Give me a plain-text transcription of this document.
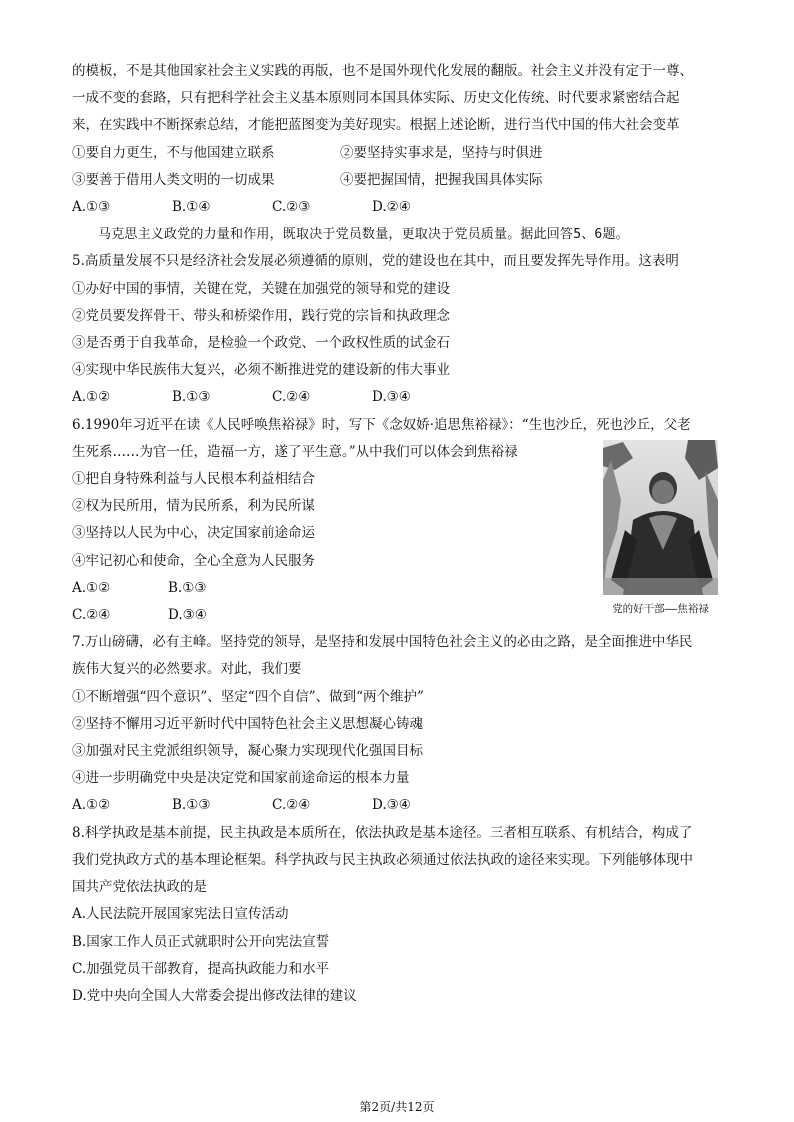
的模板，不是其他国家社会主义实践的再版，也不是国外现代化发展的翻版。社会主义并没有定于一尊、
一成不变的套路，只有把科学社会主义基本原则同本国具体实际、历史文化传统、时代要求紧密结合起
来，在实践中不断探索总结，才能把蓝图变为美好现实。根据上述论断，进行当代中国的伟大社会变革
①要自力更生，不与他国建立联系	②要坚持实事求是，坚持与时俱进
③要善于借用人类文明的一切成果	④要把握国情，把握我国具体实际
A.①③	B.①④	C.②③	D.②④
马克思主义政党的力量和作用，既取决于党员数量，更取决于党员质量。据此回答5、6题。
5.高质量发展不只是经济社会发展必须遵循的原则，党的建设也在其中，而且要发挥先导作用。这表明
①办好中国的事情，关键在党，关键在加强党的领导和党的建设
②党员要发挥骨干、带头和桥梁作用，践行党的宗旨和执政理念
③是否勇于自我革命，是检验一个政党、一个政权性质的试金石
④实现中华民族伟大复兴，必须不断推进党的建设新的伟大事业
A.①②	B.①③	C.②④	D.③④
6.1990年习近平在读《人民呼唤焦裕禄》时，写下《念奴娇·追思焦裕禄》：“生也沙丘，死也沙丘，父老
生死系……为官一任，造福一方，遂了平生意。”从中我们可以体会到焦裕禄
①把自身特殊利益与人民根本利益相结合
②权为民所用，情为民所系，利为民所谋
③坚持以人民为中心，决定国家前途命运
④牢记初心和使命，全心全意为人民服务
A.①②	B.①③
C.②④	D.③④
7.万山磅礴，必有主峰。坚持党的领导，是坚持和发展中国特色社会主义的必由之路，是全面推进中华民
族伟大复兴的必然要求。对此，我们要
①不断增强“四个意识”、坚定“四个自信”、做到“两个维护”
②坚持不懈用习近平新时代中国特色社会主义思想凝心铸魂
③加强对民主党派组织领导，凝心聚力实现现代化强国目标
④进一步明确党中央是决定党和国家前途命运的根本力量
A.①②	B.①③	C.②④	D.③④
8.科学执政是基本前提，民主执政是本质所在，依法执政是基本途径。三者相互联系、有机结合，构成了
我们党执政方式的基本理论框架。科学执政与民主执政必须通过依法执政的途径来实现。下列能够体现中
国共产党依法执政的是
A.人民法院开展国家宪法日宣传活动
B.国家工作人员正式就职时公开向宪法宣誓
C.加强党员干部教育，提高执政能力和水平
D.党中央向全国人大常委会提出修改法律的建议
党的好干部——焦裕禄
第2页/共12页
